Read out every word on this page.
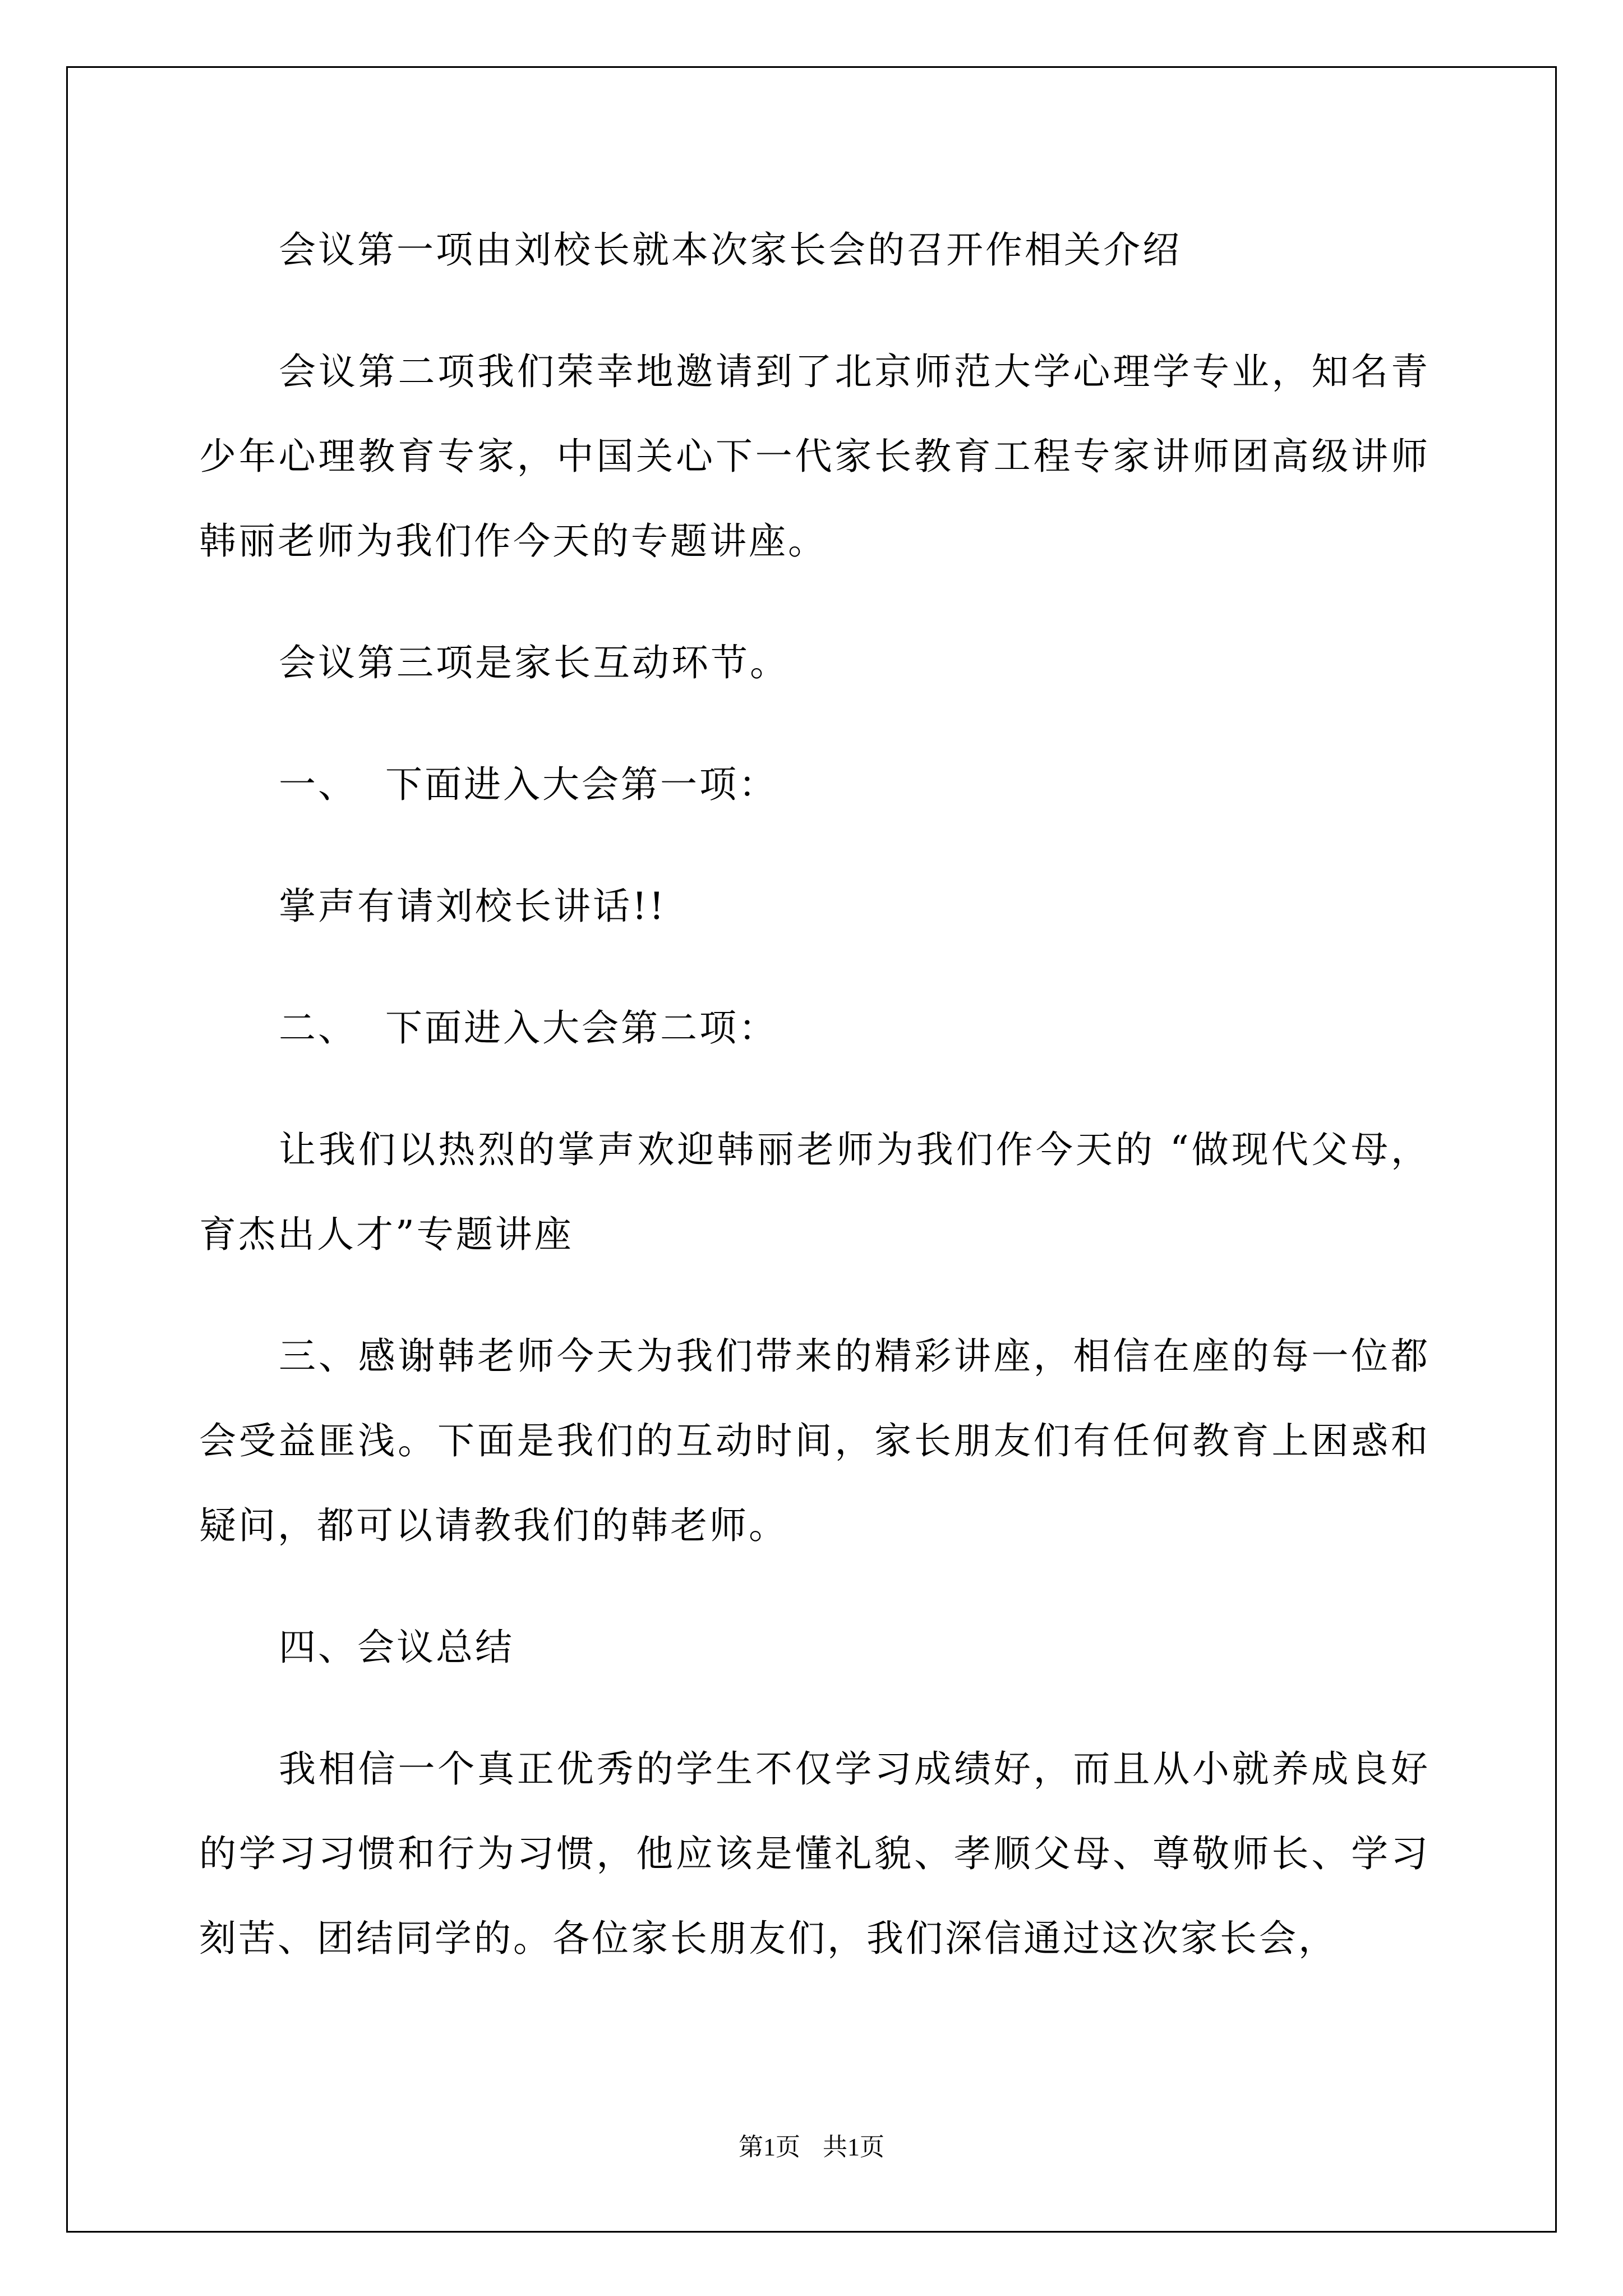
会议第一项由刘校长就本次家长会的召开作相关介绍

会议第二项我们荣幸地邀请到了北京师范大学心理学专业，知名青少年心理教育专家，中国关心下一代家长教育工程专家讲师团高级讲师韩丽老师为我们作今天的专题讲座。

会议第三项是家长互动环节。

一、  下面进入大会第一项：

掌声有请刘校长讲话!!

二、  下面进入大会第二项：

让我们以热烈的掌声欢迎韩丽老师为我们作今天的 “做现代父母，育杰出人才”专题讲座

三、感谢韩老师今天为我们带来的精彩讲座，相信在座的每一位都会受益匪浅。下面是我们的互动时间，家长朋友们有任何教育上困惑和疑问，都可以请教我们的韩老师。

四、会议总结

我相信一个真正优秀的学生不仅学习成绩好，而且从小就养成良好的学习习惯和行为习惯，他应该是懂礼貌、孝顺父母、尊敬师长、学习刻苦、团结同学的。各位家长朋友们，我们深信通过这次家长会，

第1页 共1页
